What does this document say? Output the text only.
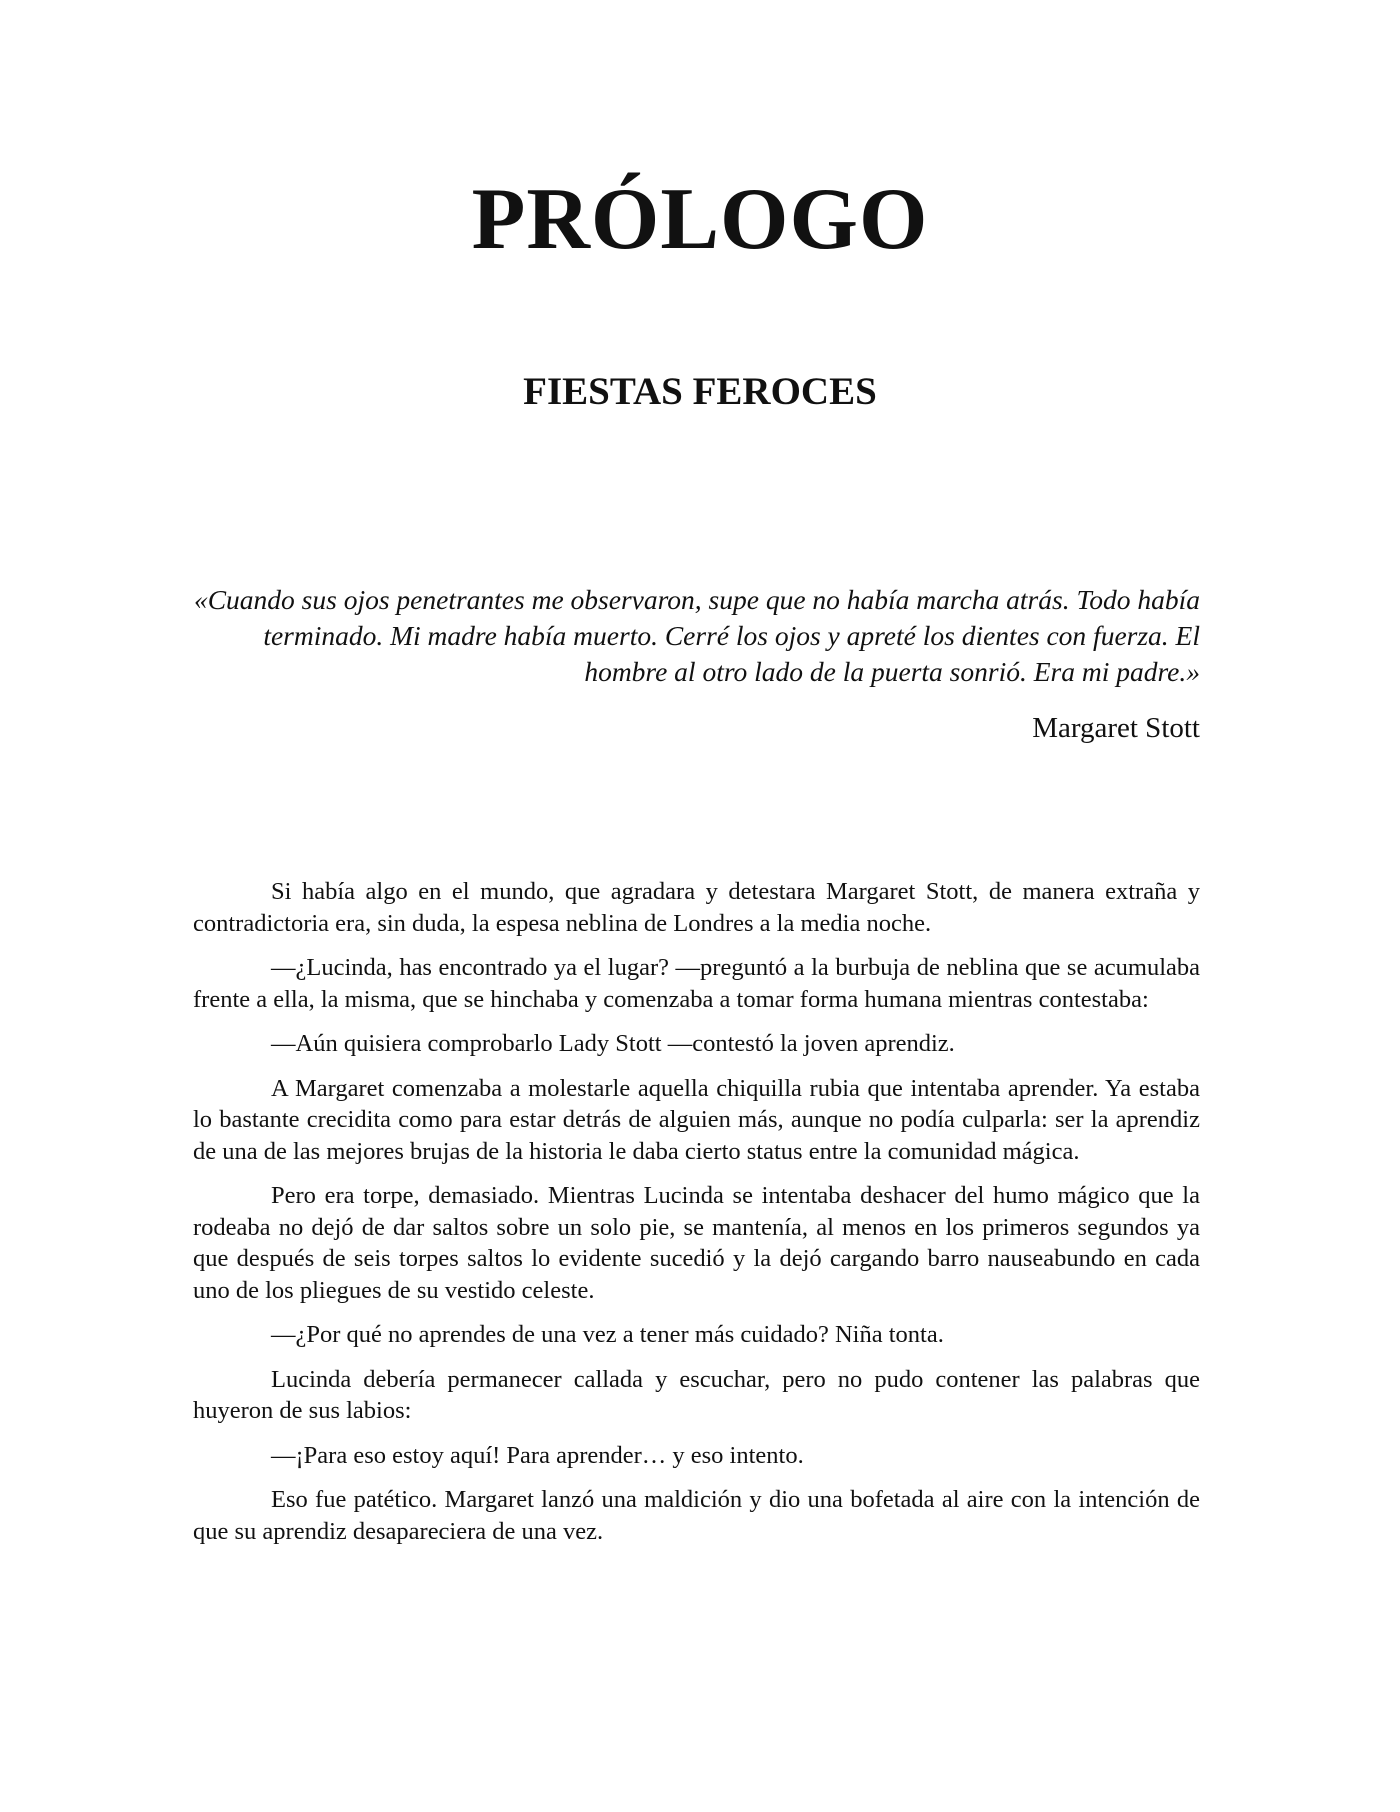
PRÓLOGO
FIESTAS FEROCES

«Cuando sus ojos penetrantes me observaron, supe que no había marcha atrás. Todo había terminado. Mi madre había muerto. Cerré los ojos y apreté los dientes con fuerza. El hombre al otro lado de la puerta sonrió. Era mi padre.»

Margaret Stott

Si había algo en el mundo, que agradara y detestara Margaret Stott, de manera extraña y contradictoria era, sin duda, la espesa neblina de Londres a la media noche.

—¿Lucinda, has encontrado ya el lugar? —preguntó a la burbuja de neblina que se acumulaba frente a ella, la misma, que se hinchaba y comenzaba a tomar forma humana mientras contestaba:

—Aún quisiera comprobarlo Lady Stott —contestó la joven aprendiz.

A Margaret comenzaba a molestarle aquella chiquilla rubia que intentaba aprender. Ya estaba lo bastante crecidita como para estar detrás de alguien más, aunque no podía culparla: ser la aprendiz de una de las mejores brujas de la historia le daba cierto status entre la comunidad mágica.

Pero era torpe, demasiado. Mientras Lucinda se intentaba deshacer del humo mágico que la rodeaba no dejó de dar saltos sobre un solo pie, se mantenía, al menos en los primeros segundos ya que después de seis torpes saltos lo evidente sucedió y la dejó cargando barro nauseabundo en cada uno de los pliegues de su vestido celeste.

—¿Por qué no aprendes de una vez a tener más cuidado? Niña tonta.

Lucinda debería permanecer callada y escuchar, pero no pudo contener las palabras que huyeron de sus labios:

—¡Para eso estoy aquí! Para aprender… y eso intento.

Eso fue patético. Margaret lanzó una maldición y dio una bofetada al aire con la intención de que su aprendiz desapareciera de una vez.
